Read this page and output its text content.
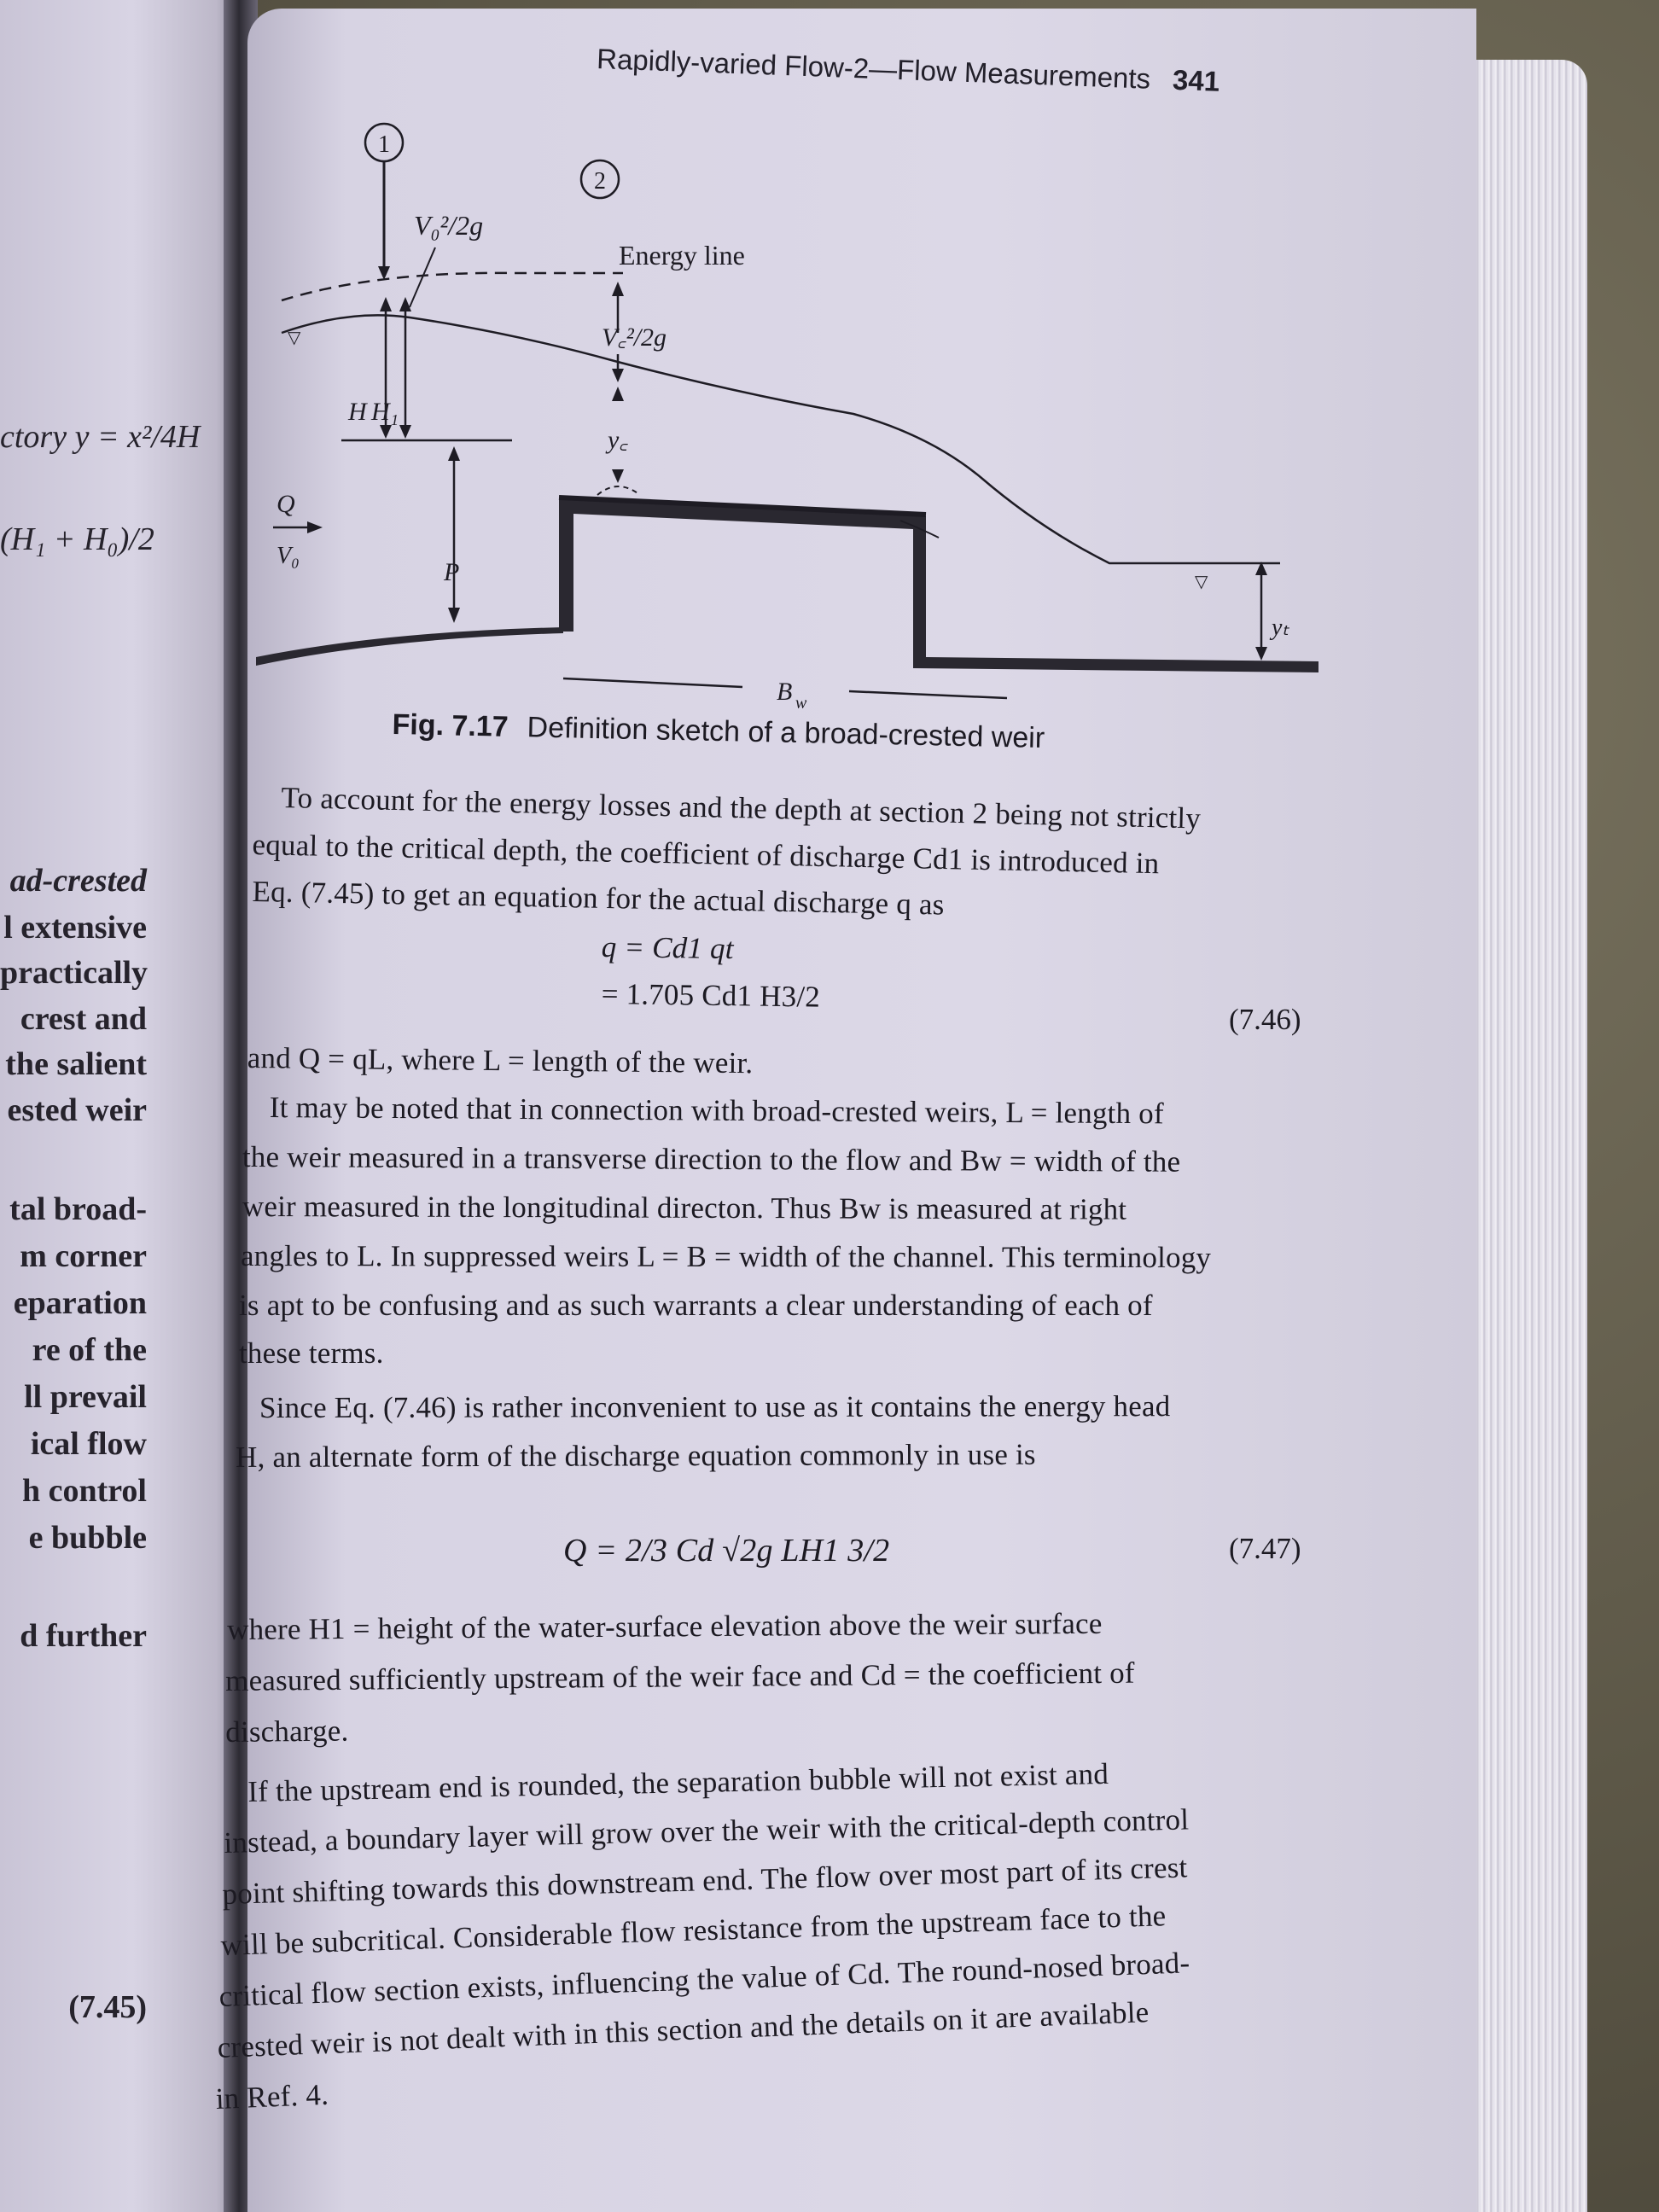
ctory y = x²/4H
(H₁ + H₀)/2
ad-crested
l extensive
practically
crest and
the salient
ested weir
tal broad-
m corner
eparation
re of the
ll prevail
ical flow
h control
e bubble
d further
(7.45)
Rapidly-varied Flow-2—Flow Measurements 341
1
2
V₀²/2g
Energy line
▽
H H₁
Q
V₀
P
V꜀²/2g
y꜀
▽
yₜ
B w
Fig. 7.17 Definition sketch of a broad-crested weir
To account for the energy losses and the depth at section 2 being not strictly
equal to the critical depth, the coefficient of discharge Cd1 is introduced in
Eq. (7.45) to get an equation for the actual discharge q as
q = Cd1 qt
= 1.705 Cd1 H3/2
(7.46)
and Q = qL, where L = length of the weir.
It may be noted that in connection with broad-crested weirs, L = length of
the weir measured in a transverse direction to the flow and Bw = width of the
weir measured in the longitudinal directon. Thus Bw is measured at right
angles to L. In suppressed weirs L = B = width of the channel. This terminology
is apt to be confusing and as such warrants a clear understanding of each of
these terms.
Since Eq. (7.46) is rather inconvenient to use as it contains the energy head
H, an alternate form of the discharge equation commonly in use is
Q = 2/3 Cd √2g LH1 3/2	(7.47)
where H1 = height of the water-surface elevation above the weir surface
measured sufficiently upstream of the weir face and Cd = the coefficient of
discharge.
If the upstream end is rounded, the separation bubble will not exist and
instead, a boundary layer will grow over the weir with the critical-depth control
point shifting towards this downstream end. The flow over most part of its crest
will be subcritical. Considerable flow resistance from the upstream face to the
critical flow section exists, influencing the value of Cd. The round-nosed broad-
crested weir is not dealt with in this section and the details on it are available
in Ref. 4.
